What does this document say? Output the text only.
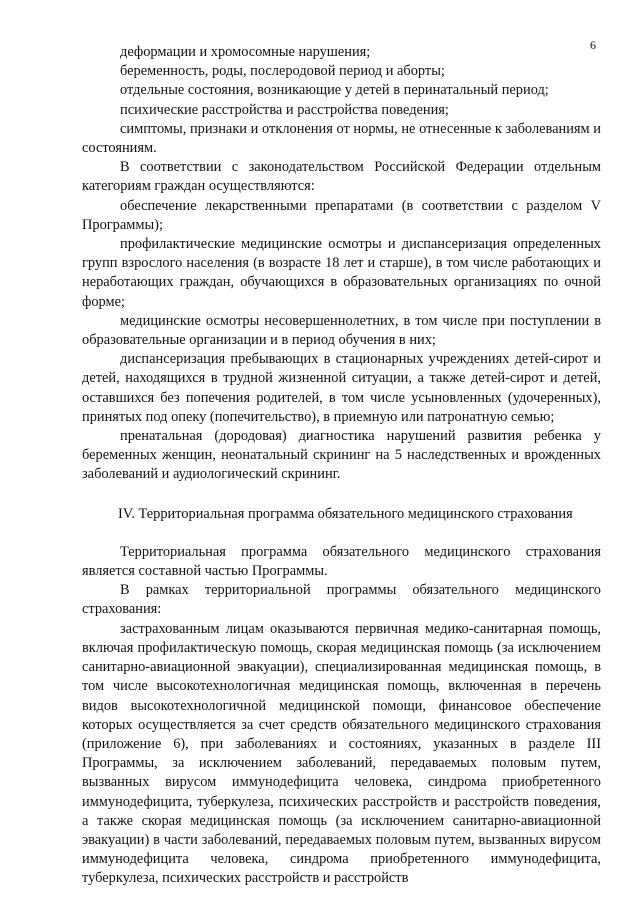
6

деформации и хромосомные нарушения;

беременность, роды, послеродовой период и аборты;

отдельные состояния, возникающие у детей в перинатальный период;

психические расстройства и расстройства поведения;

симптомы, признаки и отклонения от нормы, не отнесенные к заболеваниям и состояниям.

В соответствии с законодательством Российской Федерации отдельным категориям граждан осуществляются:

обеспечение лекарственными препаратами (в соответствии с разделом V Программы);

профилактические медицинские осмотры и диспансеризация определенных групп взрослого населения (в возрасте 18 лет и старше), в том числе работающих и неработающих граждан, обучающихся в образовательных организациях по очной форме;

медицинские осмотры несовершеннолетних, в том числе при поступлении в образовательные организации и в период обучения в них;

диспансеризация пребывающих в стационарных учреждениях детей-сирот и детей, находящихся в трудной жизненной ситуации, а также детей-сирот и детей, оставшихся без попечения родителей, в том числе усыновленных (удочеренных), принятых под опеку (попечительство), в приемную или патронатную семью;

пренатальная (дородовая) диагностика нарушений развития ребенка у беременных женщин, неонатальный скрининг на 5 наследственных и врожденных заболеваний и аудиологический скрининг.

IV. Территориальная программа обязательного медицинского страхования

Территориальная программа обязательного медицинского страхования является составной частью Программы.

В рамках территориальной программы обязательного медицинского страхования:

застрахованным лицам оказываются первичная медико-санитарная помощь, включая профилактическую помощь, скорая медицинская помощь (за исключением санитарно-авиационной эвакуации), специализированная медицинская помощь, в том числе высокотехнологичная медицинская помощь, включенная в перечень видов высокотехнологичной медицинской помощи, финансовое обеспечение которых осуществляется за счет средств обязательного медицинского страхования (приложение 6), при заболеваниях и состояниях, указанных в разделе III Программы, за исключением заболеваний, передаваемых половым путем, вызванных вирусом иммунодефицита человека, синдрома приобретенного иммунодефицита, туберкулеза, психических расстройств и расстройств поведения, а также скорая медицинская помощь (за исключением санитарно-авиационной эвакуации) в части заболеваний, передаваемых половым путем, вызванных вирусом иммунодефицита человека, синдрома приобретенного иммунодефицита, туберкулеза, психических расстройств и расстройств
